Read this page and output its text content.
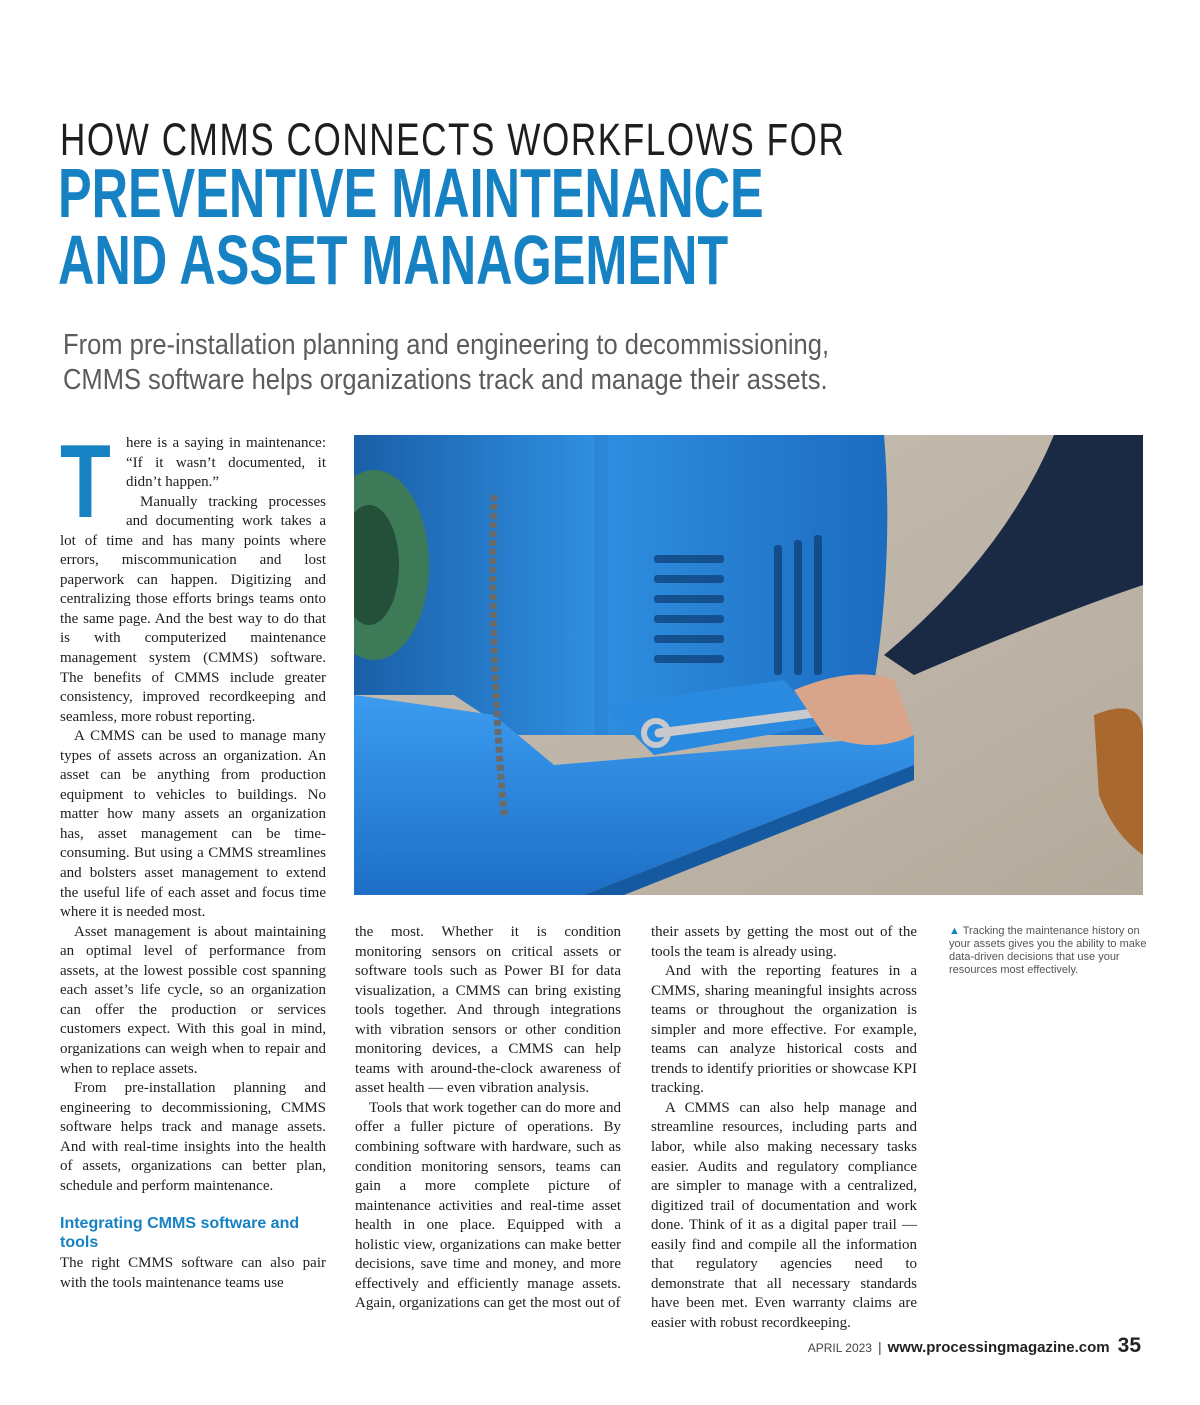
HOW CMMS CONNECTS WORKFLOWS FOR
PREVENTIVE MAINTENANCE
AND ASSET MANAGEMENT

From pre-installation planning and engineering to decommissioning,
CMMS software helps organizations track and manage their assets.

T	here is a saying in maintenance: “If it wasn’t documented, it didn’t happen.”

Manually tracking processes and documenting work takes a lot of time and has many points where errors, miscommunication and lost paperwork can happen. Digitizing and centralizing those efforts brings teams onto the same page. And the best way to do that is with computerized maintenance management system (CMMS) software. The benefits of CMMS include greater consistency, improved recordkeeping and seamless, more robust reporting.

A CMMS can be used to manage many types of assets across an organization. An asset can be anything from production equipment to vehicles to buildings. No matter how many assets an organization has, asset management can be time-consuming. But using a CMMS streamlines and bolsters asset management to extend the useful life of each asset and focus time where it is needed most.

Asset management is about maintaining an optimal level of performance from assets, at the lowest possible cost spanning each asset’s life cycle, so an organization can offer the production or services customers expect. With this goal in mind, organizations can weigh when to repair and when to replace assets.

From pre-installation planning and engineering to decommissioning, CMMS software helps track and manage assets. And with real-time insights into the health of assets, organizations can better plan, schedule and perform maintenance.

Integrating CMMS software and tools

The right CMMS software can also pair with the tools maintenance teams use

the most. Whether it is condition monitoring sensors on critical assets or software tools such as Power BI for data visualization, a CMMS can bring existing tools together. And through integrations with vibration sensors or other condition monitoring devices, a CMMS can help teams with around-the-clock awareness of asset health — even vibration analysis.

Tools that work together can do more and offer a fuller picture of operations. By combining software with hardware, such as condition monitoring sensors, teams can gain a more complete picture of maintenance activities and real-time asset health in one place. Equipped with a holistic view, organizations can make better decisions, save time and money, and more effectively and efficiently manage assets. Again, organizations can get the most out of

their assets by getting the most out of the tools the team is already using.

And with the reporting features in a CMMS, sharing meaningful insights across teams or throughout the organization is simpler and more effective. For example, teams can analyze historical costs and trends to identify priorities or showcase KPI tracking.

A CMMS can also help manage and streamline resources, including parts and labor, while also making necessary tasks easier. Audits and regulatory compliance are simpler to manage with a centralized, digitized trail of documentation and work done. Think of it as a digital paper trail — easily find and compile all the information that regulatory agencies need to demonstrate that all necessary standards have been met. Even warranty claims are easier with robust recordkeeping.

▲ Tracking the maintenance history on your assets gives you the ability to make data-driven decisions that use your resources most effectively.
APRIL 2023 | www.processingmagazine.com 35
